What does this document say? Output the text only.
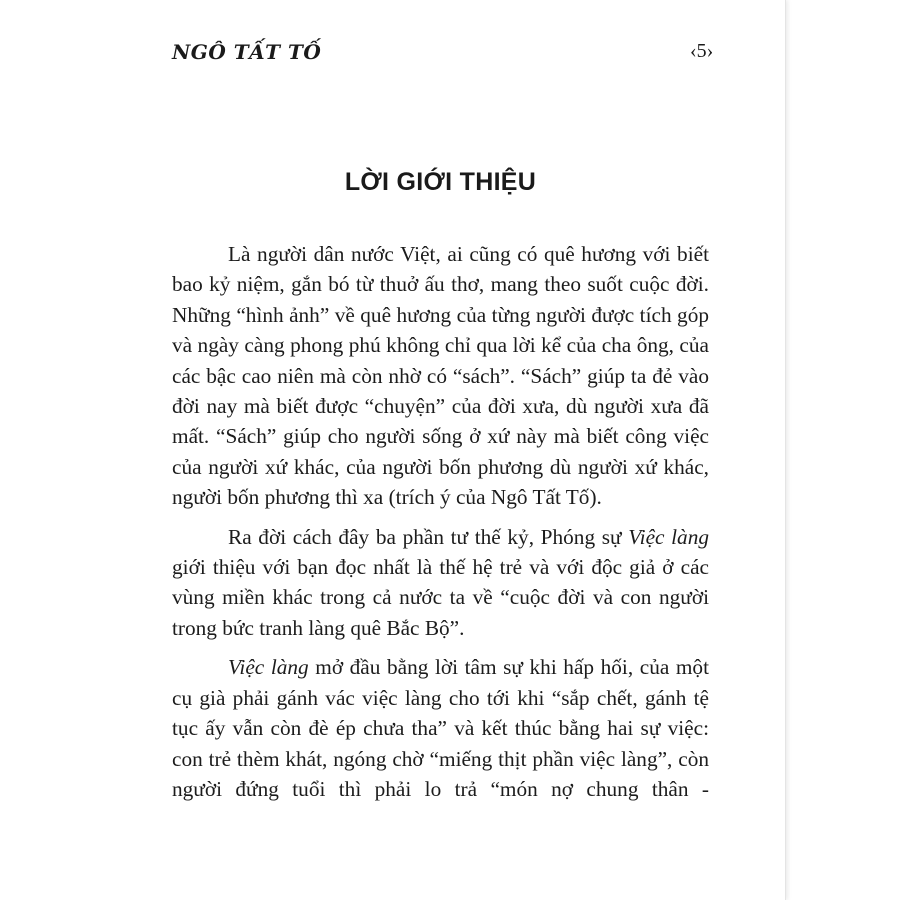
NGÔ TẤT TỐ	‹5›

LỜI GIỚI THIỆU

Là người dân nước Việt, ai cũng có quê hương với biết bao kỷ niệm, gắn bó từ thuở ấu thơ, mang theo suốt cuộc đời. Những “hình ảnh” về quê hương của từng người được tích góp và ngày càng phong phú không chỉ qua lời kể của cha ông, của các bậc cao niên mà còn nhờ có “sách”. “Sách” giúp ta đẻ vào đời nay mà biết được “chuyện” của đời xưa, dù người xưa đã mất. “Sách” giúp cho người sống ở xứ này mà biết công việc của người xứ khác, của người bốn phương dù người xứ khác, người bốn phương thì xa (trích ý của Ngô Tất Tố).

Ra đời cách đây ba phần tư thế kỷ, Phóng sự Việc làng giới thiệu với bạn đọc nhất là thế hệ trẻ và với độc giả ở các vùng miền khác trong cả nước ta về “cuộc đời và con người trong bức tranh làng quê Bắc Bộ”.

Việc làng mở đầu bằng lời tâm sự khi hấp hối, của một cụ già phải gánh vác việc làng cho tới khi “sắp chết, gánh tệ tục ấy vẫn còn đè ép chưa tha” và kết thúc bằng hai sự việc: con trẻ thèm khát, ngóng chờ “miếng thịt phần việc làng”, còn người đứng tuổi thì phải lo trả “món nợ chung thân -
